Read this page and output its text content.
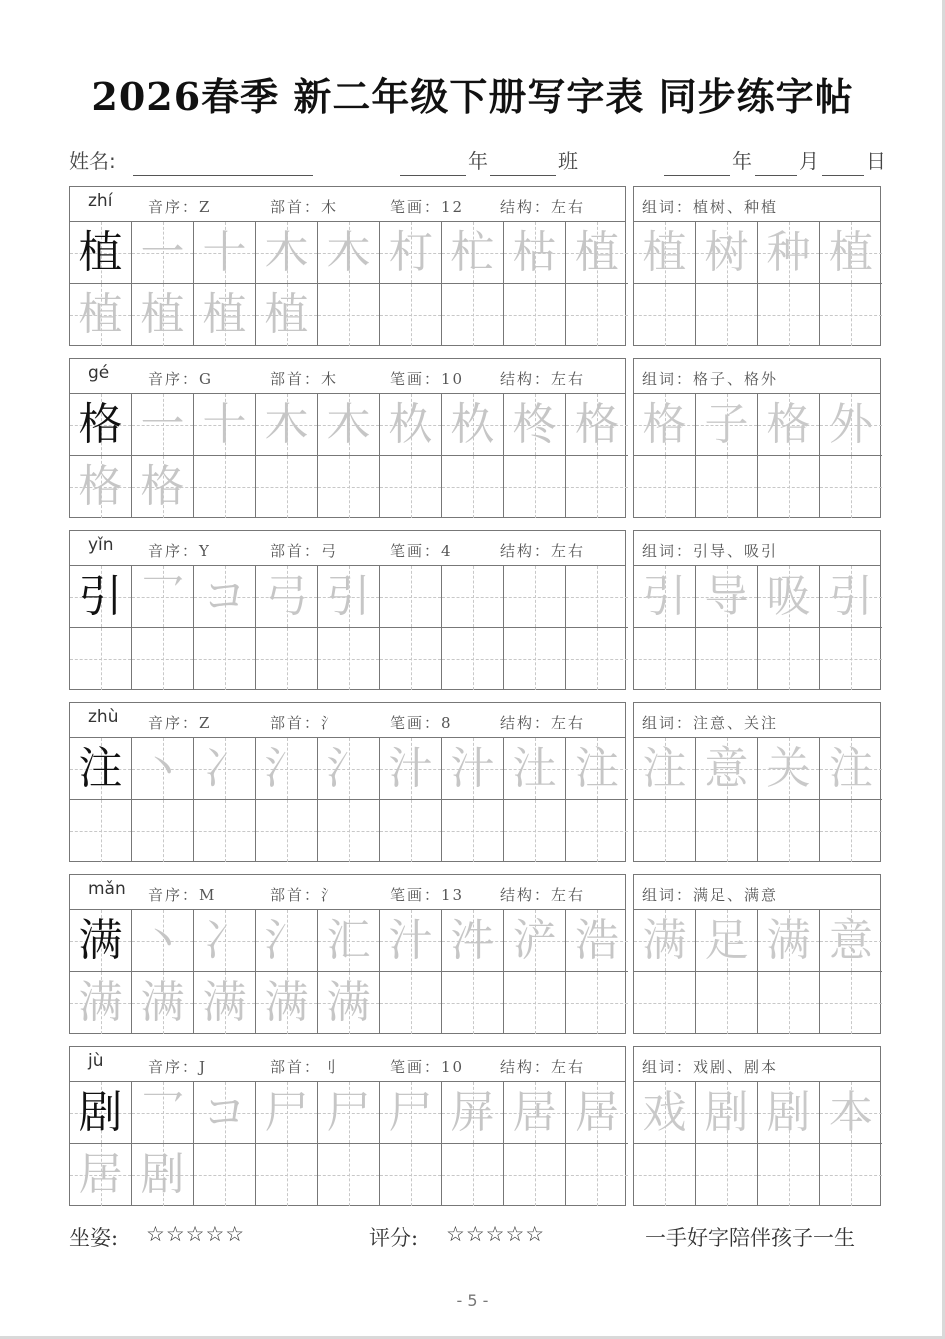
2026春季 新二年级下册写字表 同步练字帖
姓名:	年	班	年 月 日
zhí 音序：Z	部首：木	笔画：12 结构：左右
植 一 十 木 木 朾 杧 枯 植
植 植 植 植
组词：植树、种植
植 树 种 植
gé	音序：G	部首：木	笔画：10 结构：左右
格 一 十 木 木 杦 杦 柊 格
格 格
组词：格子、格外
格 子 格 外
yǐn 音序：Y	部首：弓	笔画：4	结构：左右
引 乛 コ 弓 引
组词：引导、吸引
引 导 吸 引
zhù 音序：Z	部首：氵	笔画：8	结构：左右
注 丶 冫 氵 氵 汁 汁 汢 注
组词：注意、关注
注 意 关 注
mǎn 音序：M	部首：氵	笔画：13 结构：左右
满 丶 冫 氵 汇 汁 汼 浐 浩
满 满 满 满 满
组词：满足、满意
满 足 满 意
jù	音序：J	部首：刂	笔画：10 结构：左右
剧 乛 コ 尸 尸 尸 屏 居 居
居 剧
组词：戏剧、剧本
戏 剧 剧 本
坐姿: ☆☆☆☆☆	评分: ☆☆☆☆☆	一手好字陪伴孩子一生
- 5 -
